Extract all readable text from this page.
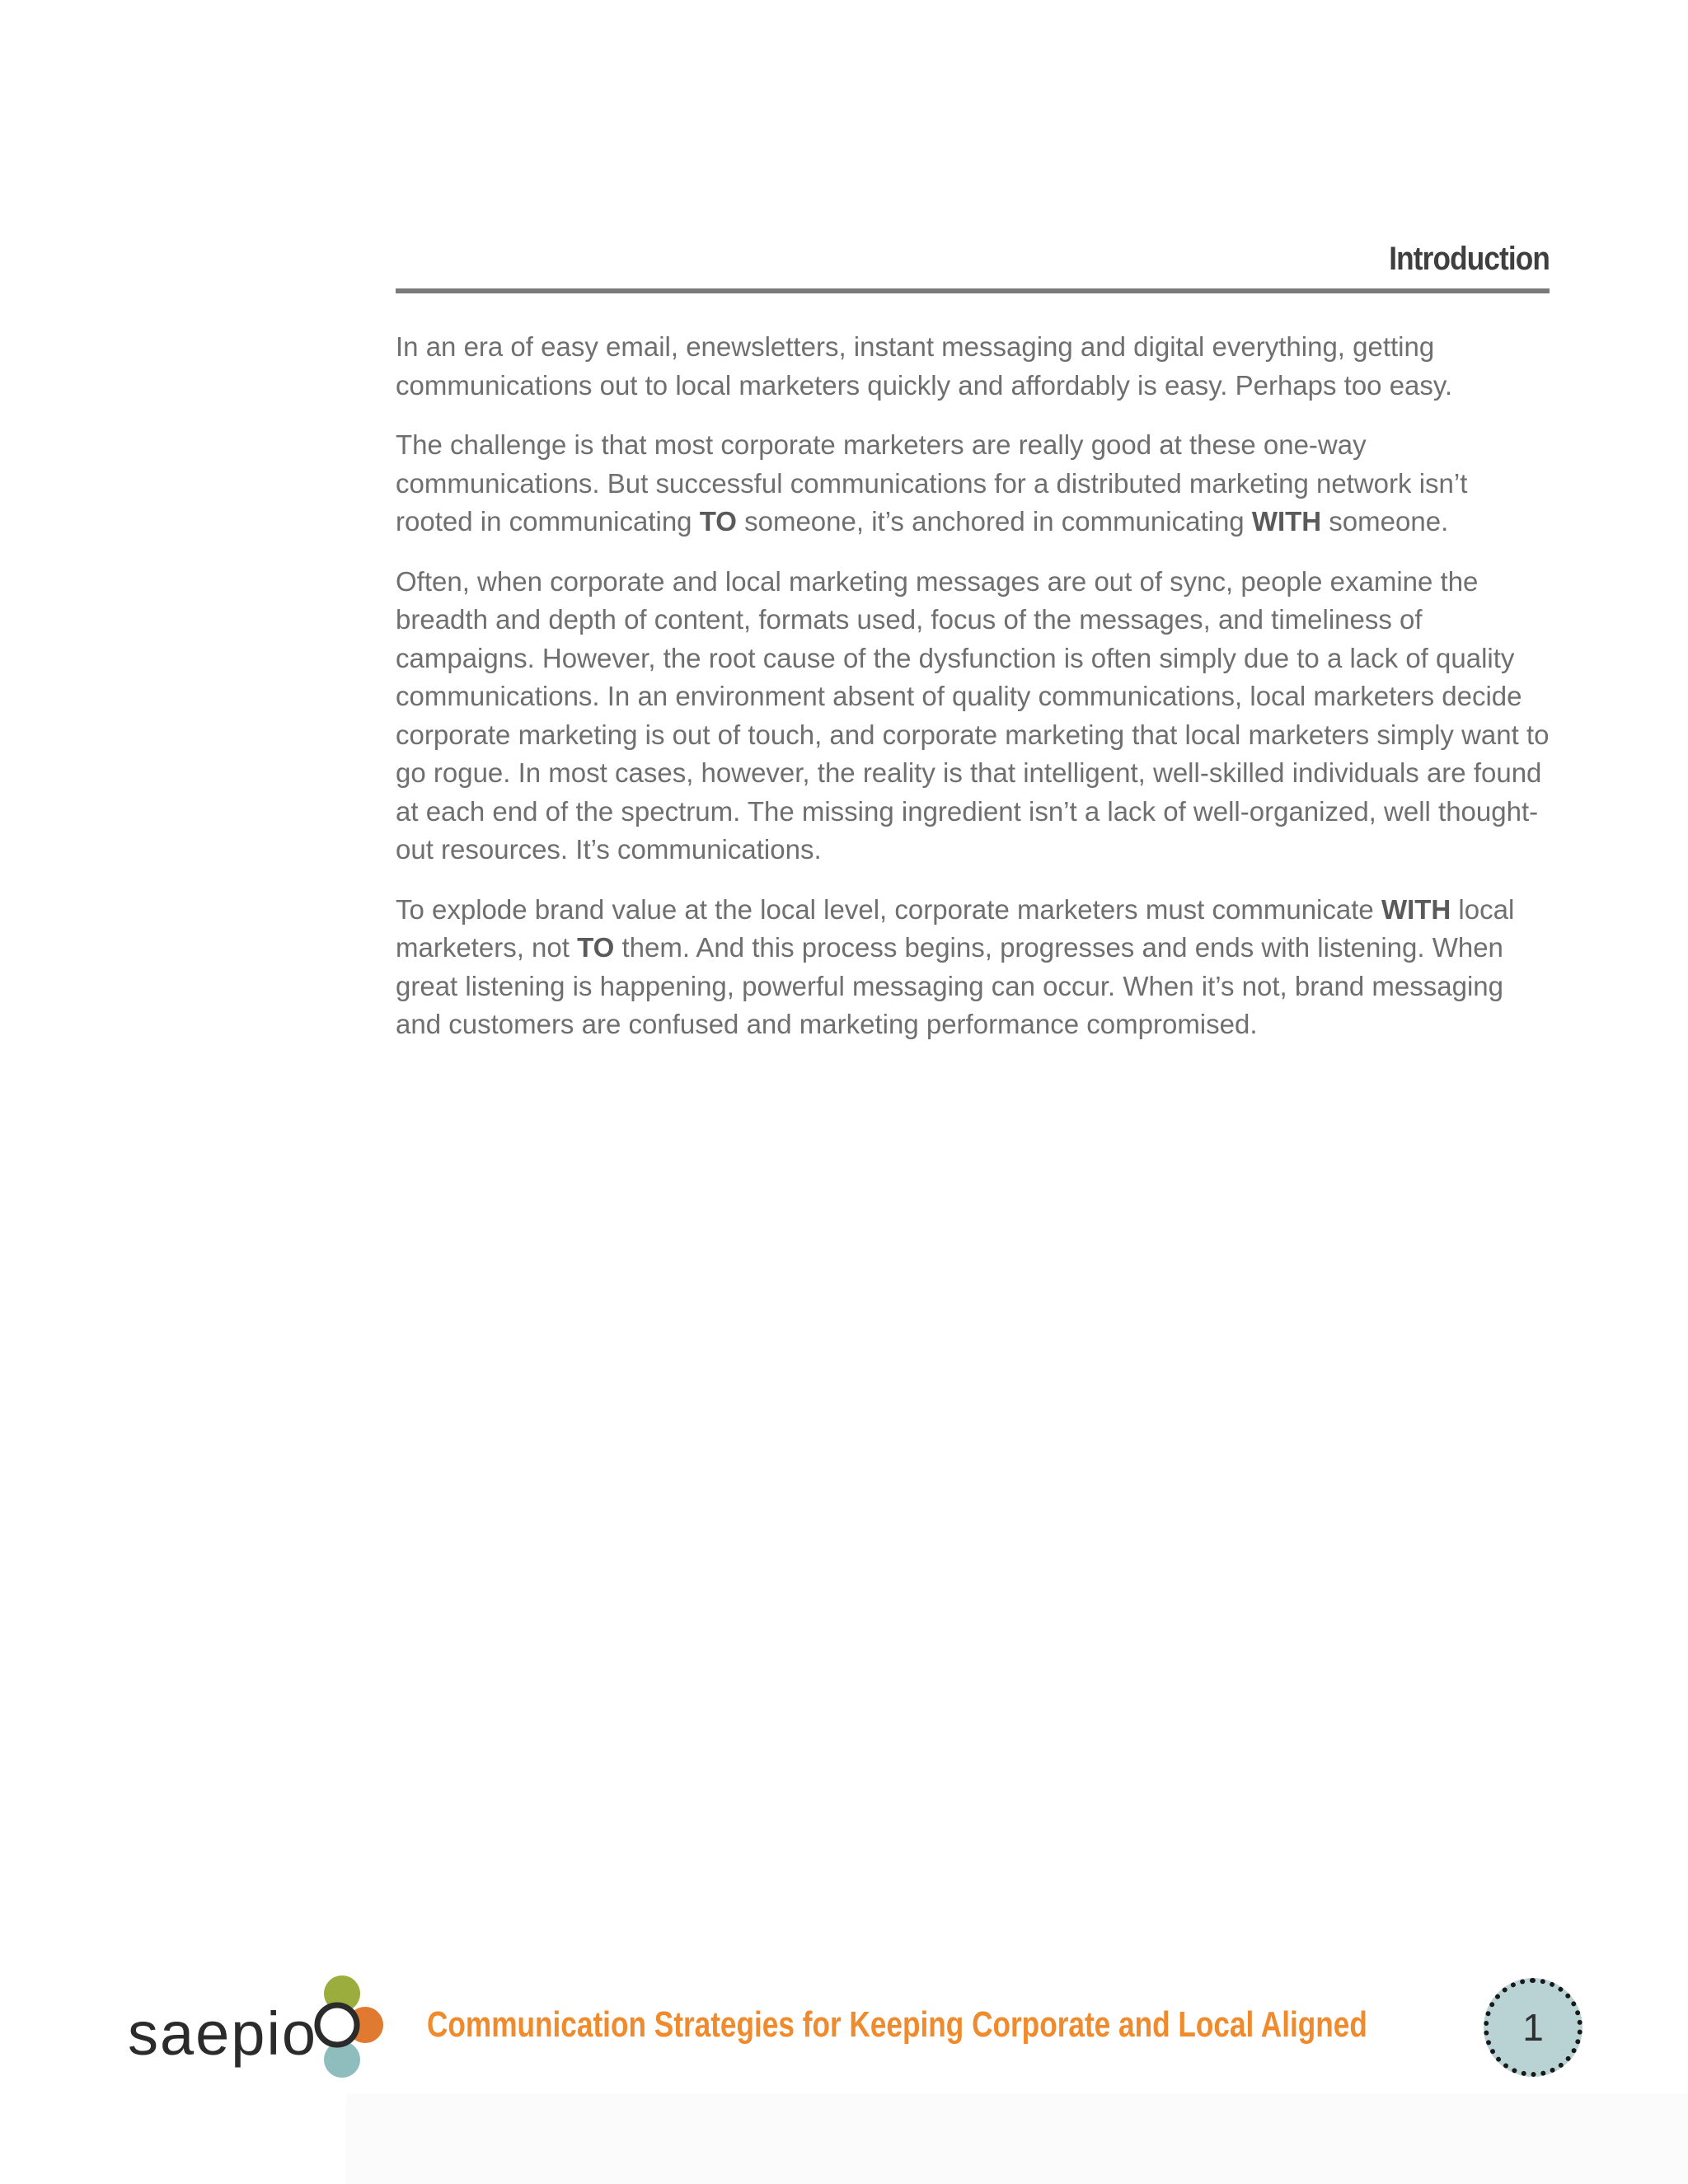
Introduction

In an era of easy email, enewsletters, instant messaging and digital everything, getting communications out to local marketers quickly and affordably is easy. Perhaps too easy.

The challenge is that most corporate marketers are really good at these one-way communications. But successful communications for a distributed marketing network isn’t rooted in communicating TO someone, it’s anchored in communicating WITH someone.

Often, when corporate and local marketing messages are out of sync, people examine the breadth and depth of content, formats used, focus of the messages, and timeliness of campaigns. However, the root cause of the dysfunction is often simply due to a lack of quality communications. In an environment absent of quality communications, local marketers decide corporate marketing is out of touch, and corporate marketing that local marketers simply want to go rogue. In most cases, however, the reality is that intelligent, well-skilled individuals are found at each end of the spectrum. The missing ingredient isn’t a lack of well-organized, well thought-out resources. It’s communications.

To explode brand value at the local level, corporate marketers must communicate WITH local marketers, not TO them. And this process begins, progresses and ends with listening. When great listening is happening, powerful messaging can occur. When it’s not, brand messaging and customers are confused and marketing performance compromised.

saepio	Communication Strategies for Keeping Corporate and Local Aligned	1
